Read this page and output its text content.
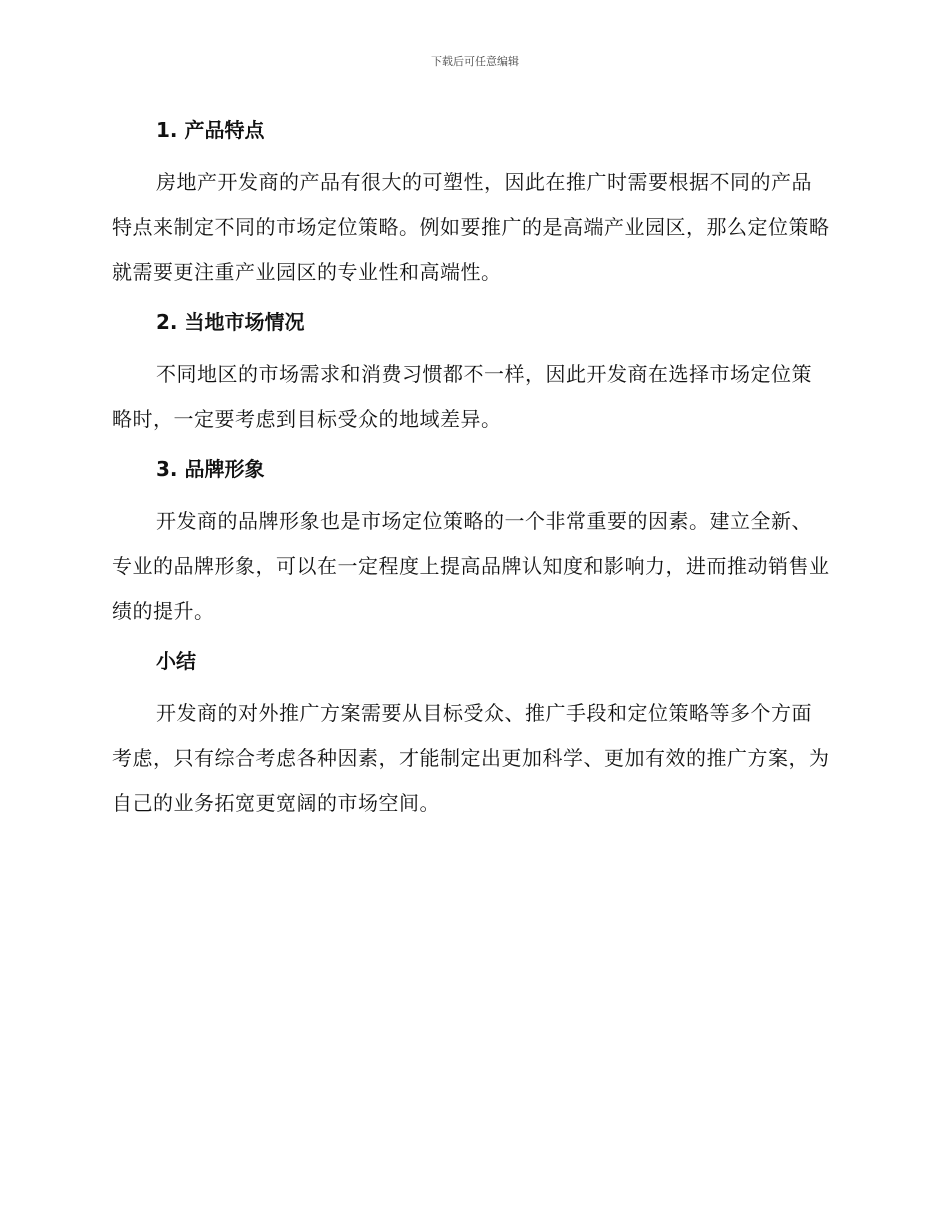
下载后可任意编辑
1. 产品特点

房地产开发商的产品有很大的可塑性，因此在推广时需要根据不同的产品特点来制定不同的市场定位策略。例如要推广的是高端产业园区，那么定位策略就需要更注重产业园区的专业性和高端性。

2. 当地市场情况

不同地区的市场需求和消费习惯都不一样，因此开发商在选择市场定位策略时，一定要考虑到目标受众的地域差异。

3. 品牌形象

开发商的品牌形象也是市场定位策略的一个非常重要的因素。建立全新、专业的品牌形象，可以在一定程度上提高品牌认知度和影响力，进而推动销售业绩的提升。

小结

开发商的对外推广方案需要从目标受众、推广手段和定位策略等多个方面考虑，只有综合考虑各种因素，才能制定出更加科学、更加有效的推广方案，为自己的业务拓宽更宽阔的市场空间。
